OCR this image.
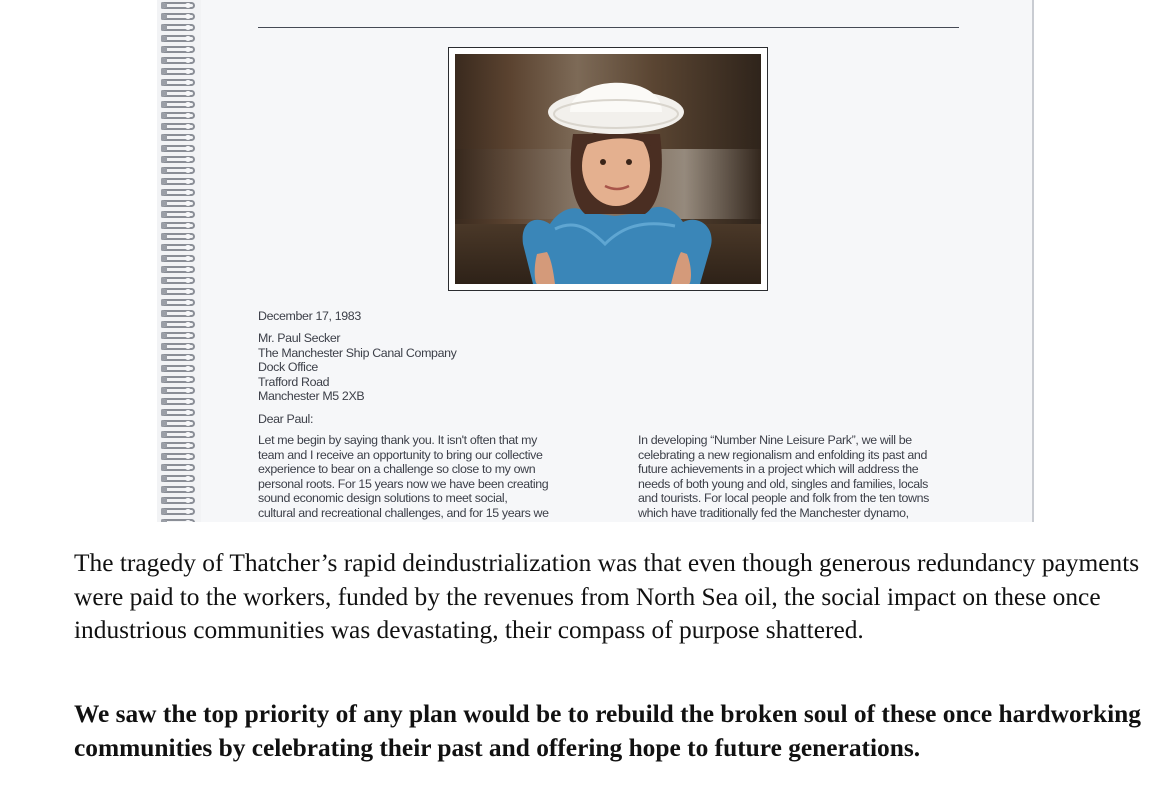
December 17, 1983
Mr. Paul Secker
The Manchester Ship Canal Company
Dock Office
Trafford Road
Manchester M5 2XB
Dear Paul:
Let me begin by saying thank you. It isn't often that my
team and I receive an opportunity to bring our collective
experience to bear on a challenge so close to my own
personal roots. For 15 years now we have been creating
sound economic design solutions to meet social,
cultural and recreational challenges, and for 15 years we
In developing “Number Nine Leisure Park”, we will be
celebrating a new regionalism and enfolding its past and
future achievements in a project which will address the
needs of both young and old, singles and families, locals
and tourists. For local people and folk from the ten towns
which have traditionally fed the Manchester dynamo,

The tragedy of Thatcher’s rapid deindustrialization was that even though generous redundancy payments were paid to the workers, funded by the revenues from North Sea oil, the social impact on these once industrious communities was devastating, their compass of purpose shattered.

We saw the top priority of any plan would be to rebuild the broken soul of these once hardworking communities by celebrating their past and offering hope to future generations.
